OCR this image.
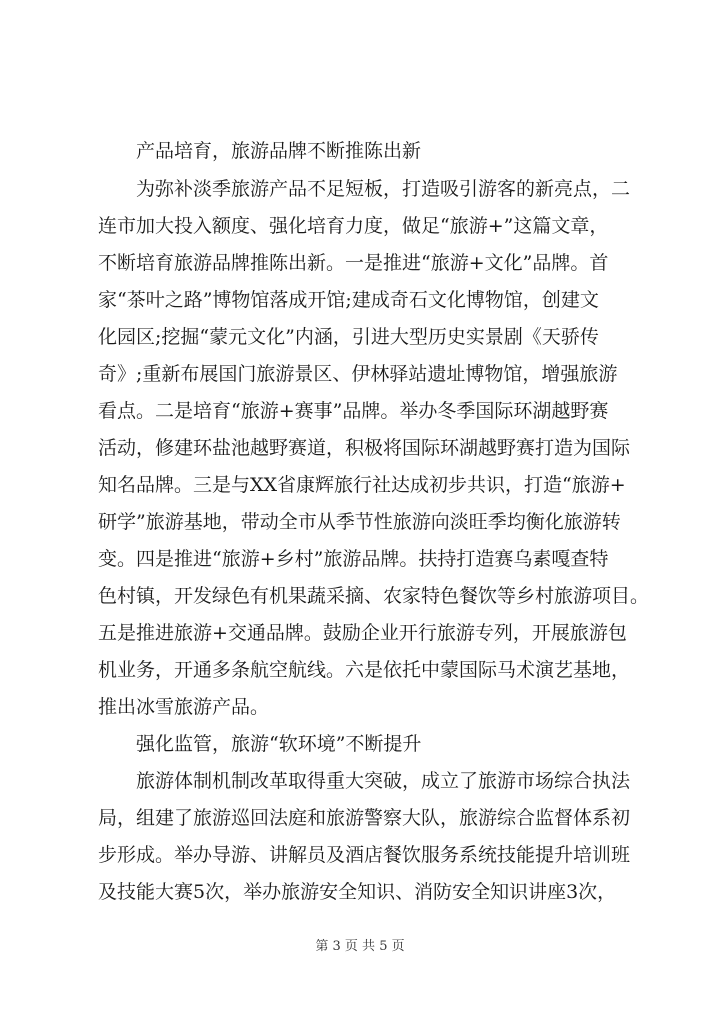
产品培育，旅游品牌不断推陈出新
为弥补淡季旅游产品不足短板，打造吸引游客的新亮点，二
连市加大投入额度、强化培育力度，做足“旅游+”这篇文章，
不断培育旅游品牌推陈出新。一是推进“旅游+文化”品牌。首
家“茶叶之路”博物馆落成开馆;建成奇石文化博物馆，创建文
化园区;挖掘“蒙元文化”内涵，引进大型历史实景剧《天骄传
奇》;重新布展国门旅游景区、伊林驿站遗址博物馆，增强旅游
看点。二是培育“旅游+赛事”品牌。举办冬季国际环湖越野赛
活动，修建环盐池越野赛道，积极将国际环湖越野赛打造为国际
知名品牌。三是与XX省康辉旅行社达成初步共识，打造“旅游+
研学”旅游基地，带动全市从季节性旅游向淡旺季均衡化旅游转
变。四是推进“旅游+乡村”旅游品牌。扶持打造赛乌素嘎查特
色村镇，开发绿色有机果蔬采摘、农家特色餐饮等乡村旅游项目。
五是推进旅游+交通品牌。鼓励企业开行旅游专列，开展旅游包
机业务，开通多条航空航线。六是依托中蒙国际马术演艺基地，
推出冰雪旅游产品。
强化监管，旅游“软环境”不断提升
旅游体制机制改革取得重大突破，成立了旅游市场综合执法
局，组建了旅游巡回法庭和旅游警察大队，旅游综合监督体系初
步形成。举办导游、讲解员及酒店餐饮服务系统技能提升培训班
及技能大赛5次，举办旅游安全知识、消防安全知识讲座3次，
第 3 页 共 5 页
